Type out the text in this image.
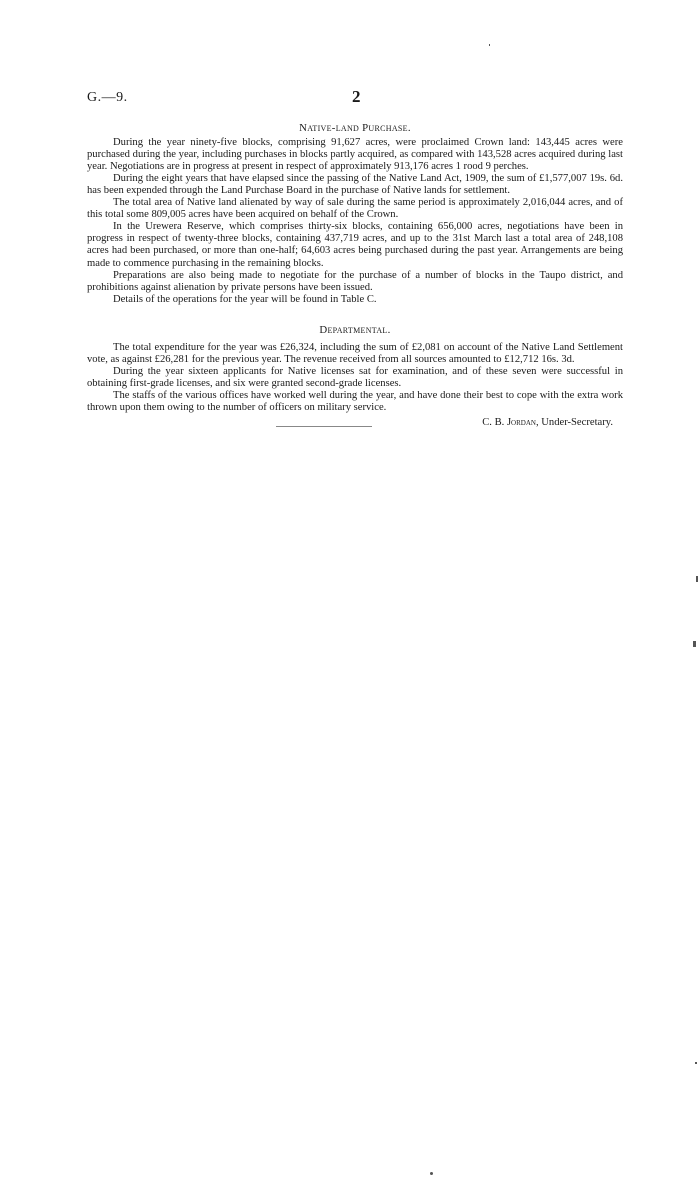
G.—9.	2
Native-land Purchase.

During the year ninety-five blocks, comprising 91,627 acres, were proclaimed Crown land: 143,445 acres were purchased during the year, including purchases in blocks partly acquired, as compared with 143,528 acres acquired during last year. Negotiations are in progress at present in respect of approximately 913,176 acres 1 rood 9 perches.

During the eight years that have elapsed since the passing of the Native Land Act, 1909, the sum of £1,577,007 19s. 6d. has been expended through the Land Purchase Board in the purchase of Native lands for settlement.

The total area of Native land alienated by way of sale during the same period is approximately 2,016,044 acres, and of this total some 809,005 acres have been acquired on behalf of the Crown.

In the Urewera Reserve, which comprises thirty-six blocks, containing 656,000 acres, negotiations have been in progress in respect of twenty-three blocks, containing 437,719 acres, and up to the 31st March last a total area of 248,108 acres had been purchased, or more than one-half; 64,603 acres being purchased during the past year. Arrangements are being made to commence purchasing in the remaining blocks.

Preparations are also being made to negotiate for the purchase of a number of blocks in the Taupo district, and prohibitions against alienation by private persons have been issued.

Details of the operations for the year will be found in Table C.

Departmental.

The total expenditure for the year was £26,324, including the sum of £2,081 on account of the Native Land Settlement vote, as against £26,281 for the previous year. The revenue received from all sources amounted to £12,712 16s. 3d.

During the year sixteen applicants for Native licenses sat for examination, and of these seven were successful in obtaining first-grade licenses, and six were granted second-grade licenses.

The staffs of the various offices have worked well during the year, and have done their best to cope with the extra work thrown upon them owing to the number of officers on military service.

C. B. Jordan, Under-Secretary.
